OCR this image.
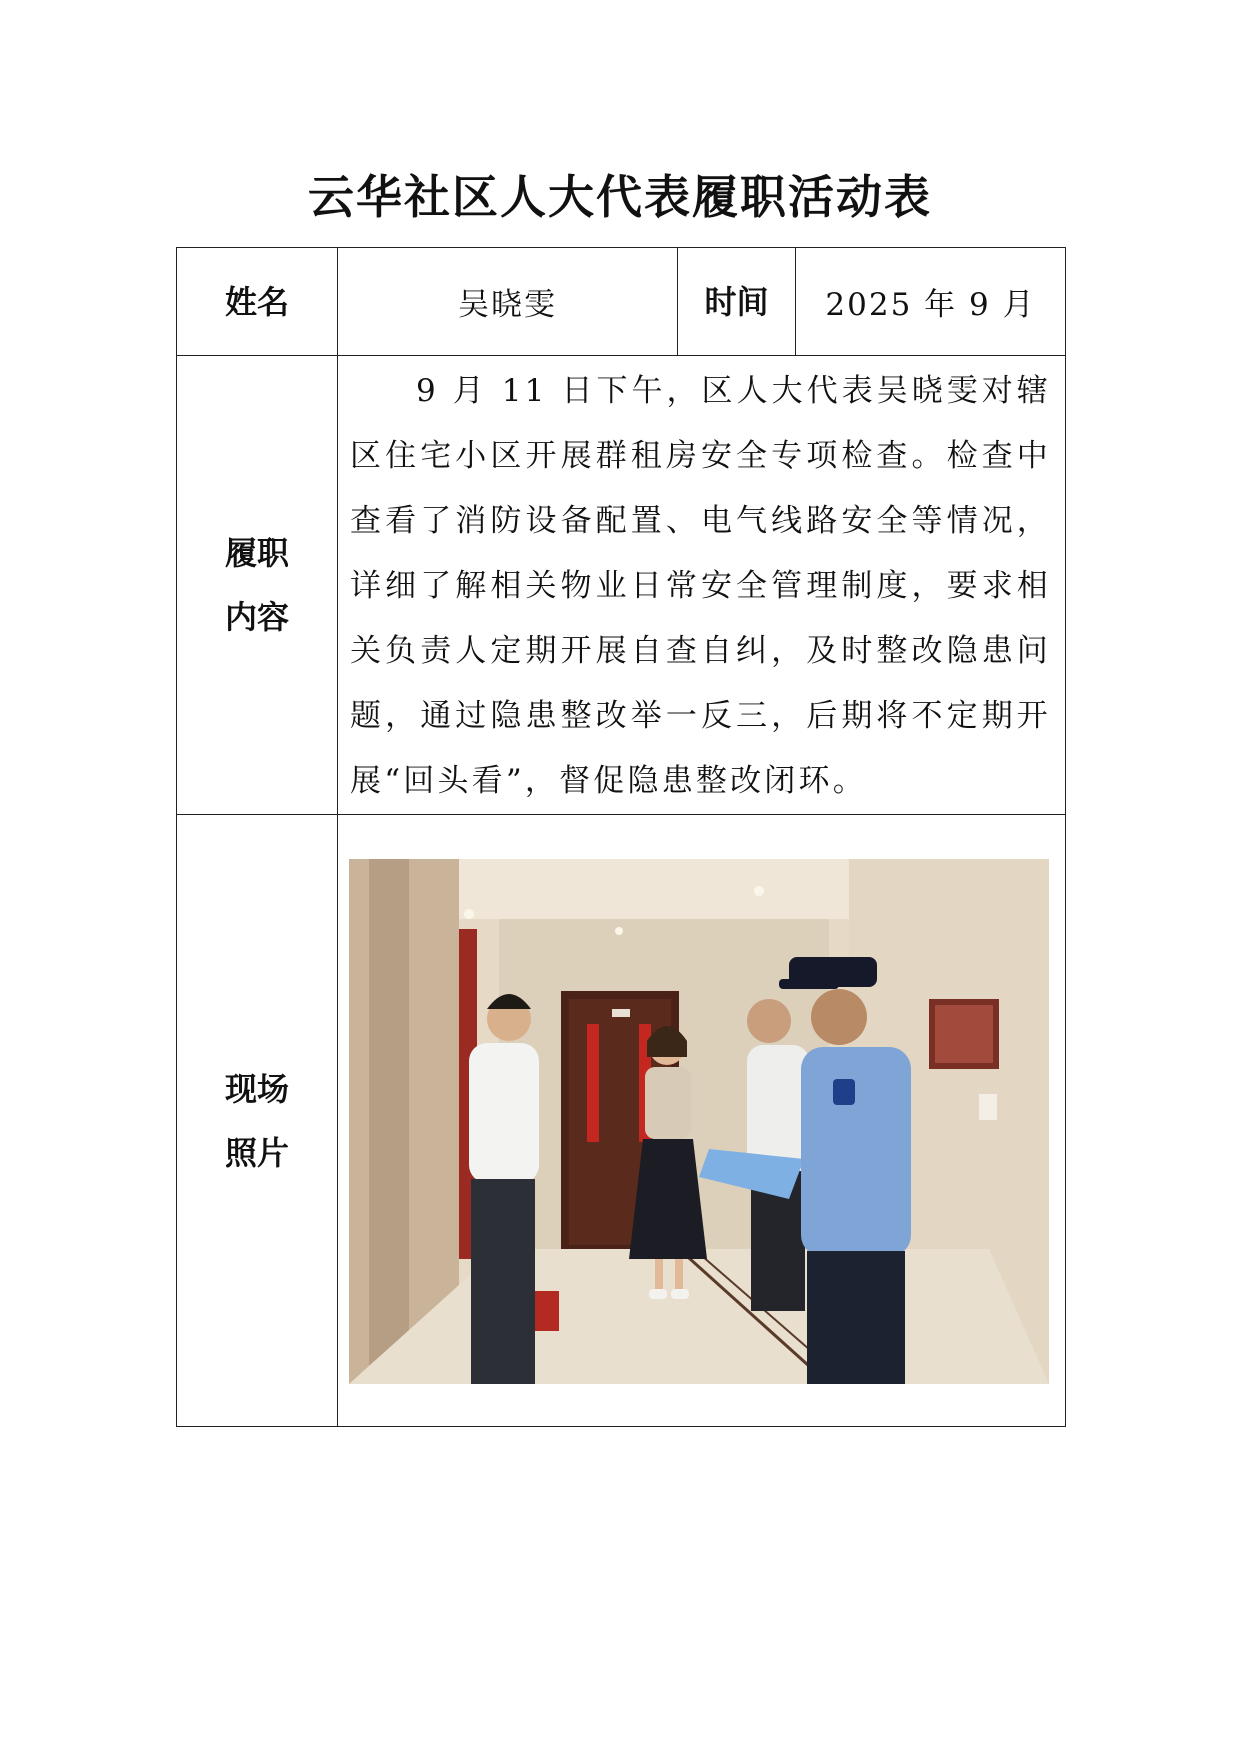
云华社区人大代表履职活动表
姓名	吴晓雯	时间	2025 年 9 月

履职
内容	9 月 11 日下午，区人大代表吴晓雯对辖区住宅小区开展群租房安全专项检查。检查中查看了消防设备配置、电气线路安全等情况，详细了解相关物业日常安全管理制度，要求相关负责人定期开展自查自纠，及时整改隐患问题，通过隐患整改举一反三，后期将不定期开展“回头看”，督促隐患整改闭环。		

现场
照片
